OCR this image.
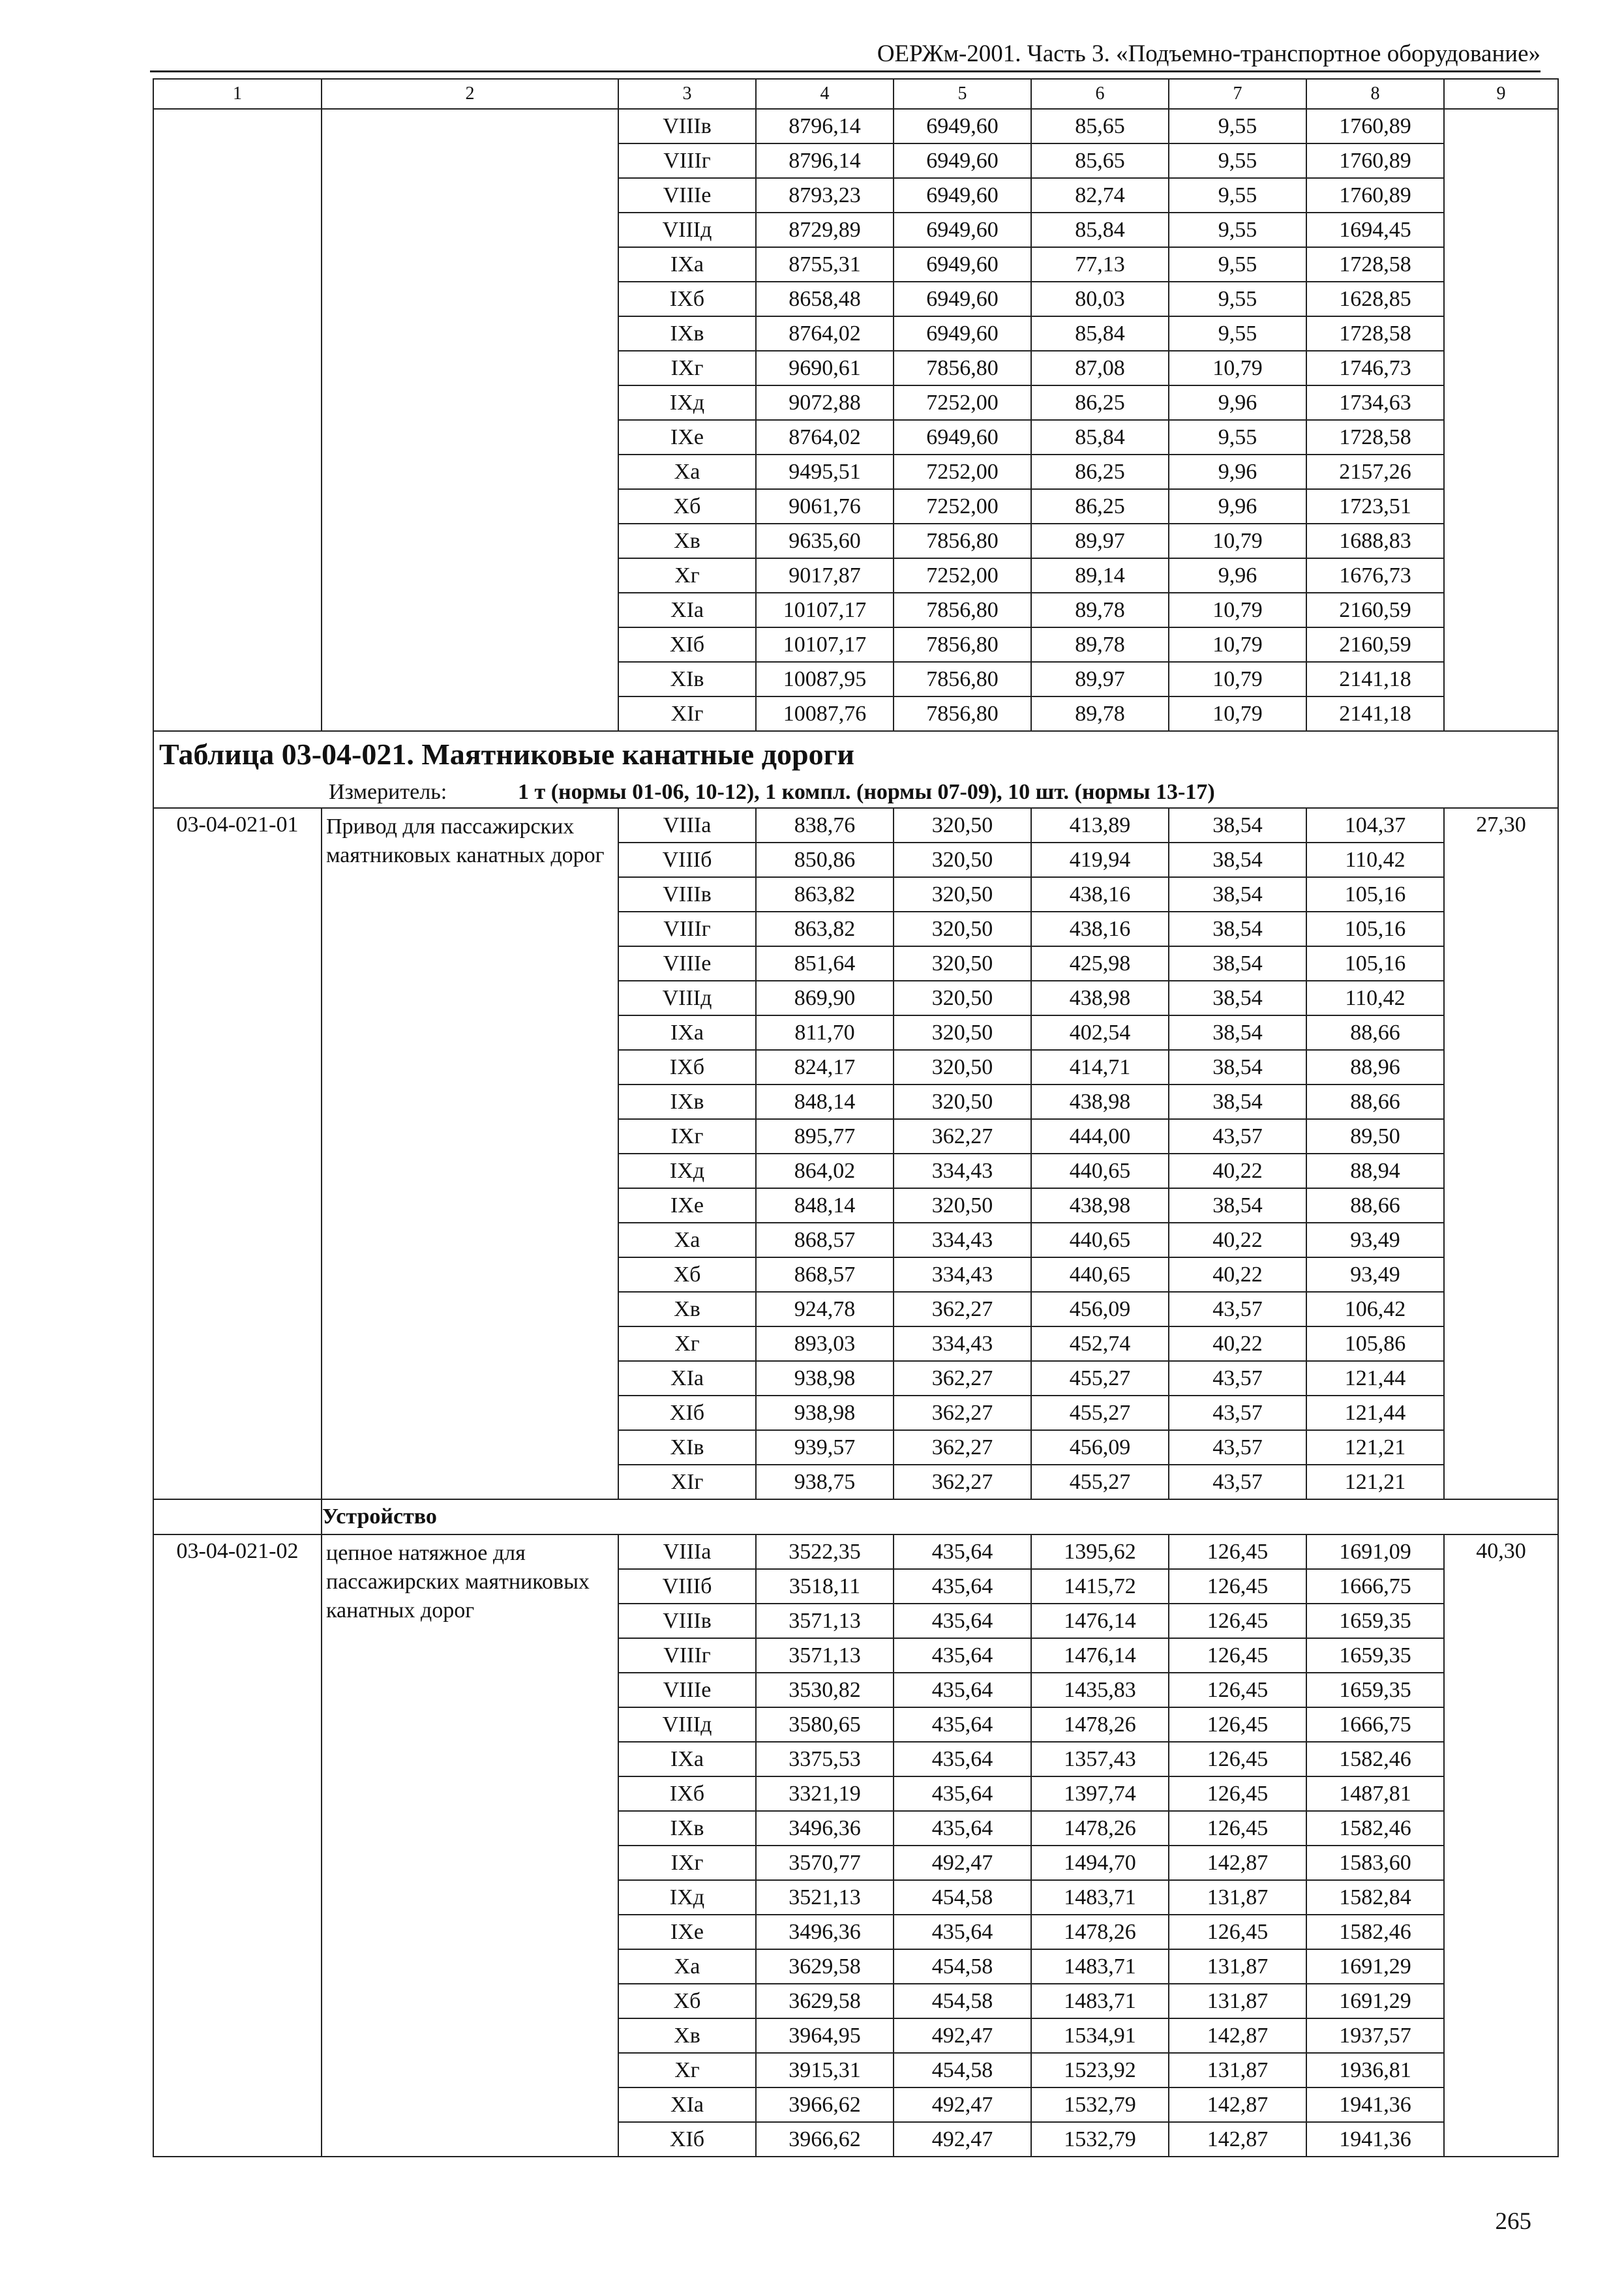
ОЕРЖм-2001. Часть 3. «Подъемно-транспортное оборудование»
1	2	3	4	5	6	7	8	9
		VIIIв	8796,14	6949,60	85,65	9,55	1760,89	
		VIIIг	8796,14	6949,60	85,65	9,55	1760,89	
		VIIIе	8793,23	6949,60	82,74	9,55	1760,89	
		VIIIд	8729,89	6949,60	85,84	9,55	1694,45	
		IXа	8755,31	6949,60	77,13	9,55	1728,58	
		IXб	8658,48	6949,60	80,03	9,55	1628,85	
		IXв	8764,02	6949,60	85,84	9,55	1728,58	
		IXг	9690,61	7856,80	87,08	10,79	1746,73	
		IXд	9072,88	7252,00	86,25	9,96	1734,63	
		IXе	8764,02	6949,60	85,84	9,55	1728,58	
		Xа	9495,51	7252,00	86,25	9,96	2157,26	
		Xб	9061,76	7252,00	86,25	9,96	1723,51	
		Xв	9635,60	7856,80	89,97	10,79	1688,83	
		Xг	9017,87	7252,00	89,14	9,96	1676,73	
		XIа	10107,17	7856,80	89,78	10,79	2160,59	
		XIб	10107,17	7856,80	89,78	10,79	2160,59	
		XIв	10087,95	7856,80	89,97	10,79	2141,18	
		XIг	10087,76	7856,80	89,78	10,79	2141,18	
Таблица 03-04-021. Маятниковые канатные дороги								
Измеритель: 1 т (нормы 01-06, 10-12), 1 компл. (нормы 07-09), 10 шт. (нормы 13-17)								
03-04-021-01	Привод для пассажирских маятниковых канатных дорог	VIIIа	838,76	320,50	413,89	38,54	104,37	27,30
		VIIIб	850,86	320,50	419,94	38,54	110,42	
		VIIIв	863,82	320,50	438,16	38,54	105,16	
		VIIIг	863,82	320,50	438,16	38,54	105,16	
		VIIIе	851,64	320,50	425,98	38,54	105,16	
		VIIIд	869,90	320,50	438,98	38,54	110,42	
		IXа	811,70	320,50	402,54	38,54	88,66	
		IXб	824,17	320,50	414,71	38,54	88,96	
		IXв	848,14	320,50	438,98	38,54	88,66	
		IXг	895,77	362,27	444,00	43,57	89,50	
		IXд	864,02	334,43	440,65	40,22	88,94	
		IXе	848,14	320,50	438,98	38,54	88,66	
		Xа	868,57	334,43	440,65	40,22	93,49	
		Xб	868,57	334,43	440,65	40,22	93,49	
		Xв	924,78	362,27	456,09	43,57	106,42	
		Xг	893,03	334,43	452,74	40,22	105,86	
		XIа	938,98	362,27	455,27	43,57	121,44	
		XIб	938,98	362,27	455,27	43,57	121,44	
		XIв	939,57	362,27	456,09	43,57	121,21	
		XIг	938,75	362,27	455,27	43,57	121,21	
	Устройство							
03-04-021-02	цепное натяжное для пассажирских маятниковых канатных дорог	VIIIа	3522,35	435,64	1395,62	126,45	1691,09	40,30
		VIIIб	3518,11	435,64	1415,72	126,45	1666,75	
		VIIIв	3571,13	435,64	1476,14	126,45	1659,35	
		VIIIг	3571,13	435,64	1476,14	126,45	1659,35	
		VIIIе	3530,82	435,64	1435,83	126,45	1659,35	
		VIIIд	3580,65	435,64	1478,26	126,45	1666,75	
		IXа	3375,53	435,64	1357,43	126,45	1582,46	
		IXб	3321,19	435,64	1397,74	126,45	1487,81	
		IXв	3496,36	435,64	1478,26	126,45	1582,46	
		IXг	3570,77	492,47	1494,70	142,87	1583,60	
		IXд	3521,13	454,58	1483,71	131,87	1582,84	
		IXе	3496,36	435,64	1478,26	126,45	1582,46	
		Xа	3629,58	454,58	1483,71	131,87	1691,29	
		Xб	3629,58	454,58	1483,71	131,87	1691,29	
		Xв	3964,95	492,47	1534,91	142,87	1937,57	
		Xг	3915,31	454,58	1523,92	131,87	1936,81	
		XIа	3966,62	492,47	1532,79	142,87	1941,36	
		XIб	3966,62	492,47	1532,79	142,87	1941,36	
265
